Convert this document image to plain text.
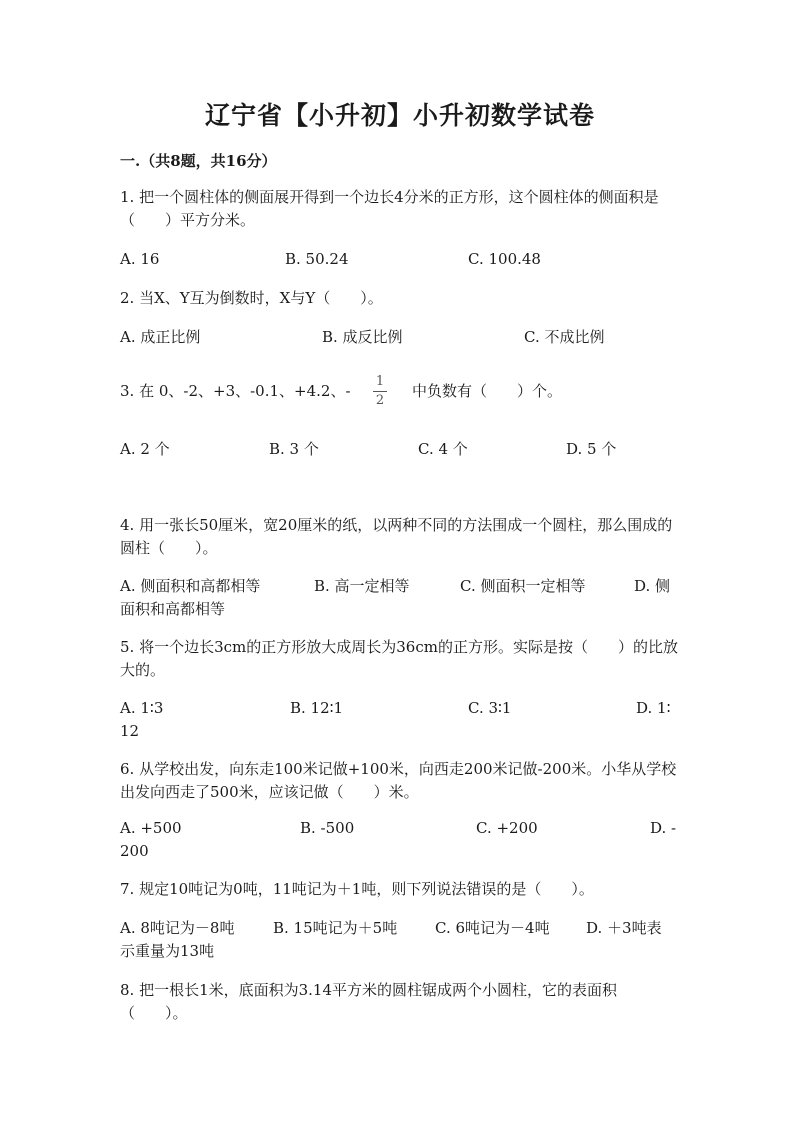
辽宁省【小升初】小升初数学试卷
一.（共8题，共16分）
1. 把一个圆柱体的侧面展开得到一个边长4分米的正方形，这个圆柱体的侧面积是（　　）平方分米。
A. 16	B. 50.24	C. 100.48
2. 当X、Y互为倒数时，X与Y（　　）。
A. 成正比例	B. 成反比例	C. 不成比例
3. 在 0、-2、+3、-0.1、+4.2、-	中负数有（　　）个。
1
2
A. 2 个	B. 3 个	C. 4 个	D. 5 个
4. 用一张长50厘米，宽20厘米的纸，以两种不同的方法围成一个圆柱，那么围成的圆柱（　　）。
A. 侧面积和高都相等	B. 高一定相等	C. 侧面积一定相等	D. 侧
面积和高都相等
5. 将一个边长3cm的正方形放大成周长为36cm的正方形。实际是按（　　）的比放大的。
A. 1∶3	B. 12∶1	C. 3∶1	D. 1∶
12
6. 从学校出发，向东走100米记做+100米，向西走200米记做-200米。小华从学校出发向西走了500米，应该记做（　　）米。
A. +500	B. -500	C. +200	D. -
200
7. 规定10吨记为0吨，11吨记为＋1吨，则下列说法错误的是（　　）。
A. 8吨记为－8吨	B. 15吨记为＋5吨	C. 6吨记为－4吨 D. ＋3吨表
示重量为13吨
8. 把一根长1米，底面积为3.14平方米的圆柱锯成两个小圆柱，它的表面积（　　）。
